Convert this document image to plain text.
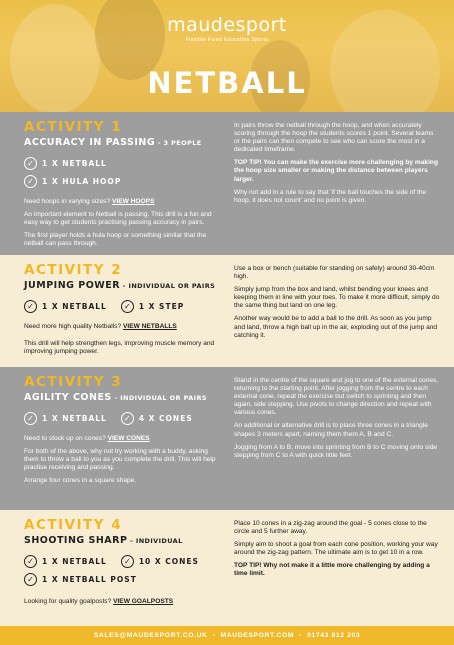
maudesport
Flexible Fixed Education Sports
NETBALL
ACTIVITY 1
ACCURACY IN PASSING - 3 PEOPLE
✓	1 X NETBALL
✓	1 X HULA HOOP
Need hoops in varying sizes? VIEW HOOPS
An important element to Netball is passing. This drill is a fun and easy way to get students practising passing accuracy in pairs.
The first player holds a hula hoop or something similar that the netball can pass through.
In pairs throw the netball through the hoop, and when accurately scoring through the hoop the students scores 1 point. Several teams or the pairs can then compete to see who can score the most in a dedicated timeframe.
TOP TIP! You can make the exercise more challenging by making the hoop size smaller or making the distance between players larger.
Why not add in a rule to say that 'if the ball touches the side of the hoop, it does not count' and no point is given.
ACTIVITY 2
JUMPING POWER - INDIVIDUAL OR PAIRS
✓	1 X NETBALL	✓	1 X STEP
Need more high quality Netballs? VIEW NETBALLS
This drill will help strengthen legs, improving muscle memory and improving jumping power.
Use a box or bench (suitable for standing on safely) around 30-40cm high.
Simply jump from the box and land, whilst bending your knees and keeping them in line with your toes. To make it more difficult, simply do the same thing but land on one leg.
Another way would be to add a ball to the drill. As soon as you jump and land, throw a high ball up in the air, exploding out of the jump and catching it.
ACTIVITY 3
AGILITY CONES - INDIVIDUAL OR PAIRS
✓	1 X NETBALL	✓	4 X CONES
Need to stock up on cones? VIEW CONES
For both of the above, why not try working with a buddy, asking them to throw a ball to you as you complete the drill. This will help practise receiving and passing.
Arrange four cones in a square shape.
Stand in the centre of the square and jog to one of the external cones, returning to the starting point. After jogging from the centre to each external cone, repeat the exercise but switch to sprinting and then again, side stepping. Use pivots to change direction and repeat with various cones.
An additional or alternative drill is to place three cones in a triangle shapes 3 meters apart, naming them them A, B and C.
Jogging from A to B, move into sprinting from B to C moving onto side stepping from C to A with quick little feet.
ACTIVITY 4
SHOOTING SHARP - INDIVIDUAL
✓	1 X NETBALL	✓	10 X CONES
✓	1 X NETBALL POST
Looking for quality goalposts? VIEW GOALPOSTS
Place 10 cones in a zig-zag around the goal - 5 cones close to the circle and 5 further away.
Simply aim to shoot a goal from each cone position, working your way around the zig-zag pattern. The ultimate aim is to get 10 in a row.
TOP TIP! Why not make it a little more challenging by adding a time limit.
SALES@MAUDESPORT.CO.UK - MAUDESPORT.COM - 01743 812 203
